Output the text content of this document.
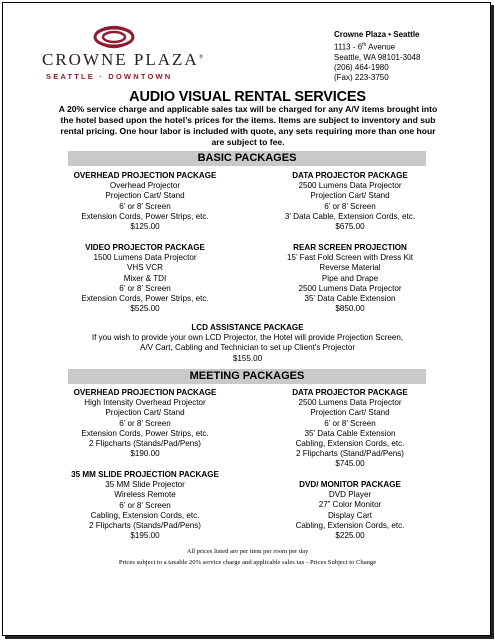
CROWNE PLAZA®
SEATTLE · DOWNTOWN
Crowne Plaza • Seattle
1113 - 6th Avenue
Seattle, WA 98101-3048
(206) 464-1980
(Fax) 223-3750
AUDIO VISUAL RENTAL SERVICES
A 20% service charge and applicable sales tax will be charged for any A/V items brought into the hotel based upon the hotel’s prices for the items. Items are subject to inventory and sub rental pricing. One hour labor is included with quote, any sets requiring more than one hour are subject to fee.
BASIC PACKAGES
OVERHEAD PROJECTION PACKAGE
Overhead Projector
Projection Cart/ Stand
6’ or 8’ Screen
Extension Cords, Power Strips, etc.
$125.00
DATA PROJECTOR PACKAGE
2500 Lumens Data Projector
Projection Cart/ Stand
6’ or 8’ Screen
3’ Data Cable, Extension Cords, etc.
$675.00
VIDEO PROJECTOR PACKAGE
1500 Lumens Data Projector
VHS VCR
Mixer & TDI
6’ or 8’ Screen
Extension Cords, Power Strips, etc.
$525.00
REAR SCREEN PROJECTION
15’ Fast Fold Screen with Dress Kit
Reverse Material
Pipe and Drape
2500 Lumens Data Projector
35’ Data Cable Extension
$850.00
LCD ASSISTANCE PACKAGE
If you wish to provide your own LCD Projector, the Hotel will provide Projection Screen,
A/V Cart, Cabling and Technician to set up Client's Projector
$155.00
MEETING PACKAGES
OVERHEAD PROJECTION PACKAGE
High Intensity Overhead Projector
Projection Cart/ Stand
6’ or 8’ Screen
Extension Cords, Power Strips, etc.
2 Flipcharts (Stands/Pad/Pens)
$190.00
DATA PROJECTOR PACKAGE
2500 Lumens Data Projector
Projection Cart/ Stand
6’ or 8’ Screen
35’ Data Cable Extension
Cabling, Extension Cords, etc.
2 Flipcharts (Stand/Pad/Pens)
$745.00
35 MM SLIDE PROJECTION PACKAGE
35 MM Slide Projector
Wireless Remote
6’ or 8’ Screen
Cabling, Extension Cords, etc.
2 Flipcharts (Stands/Pad/Pens)
$195.00
DVD/ MONITOR PACKAGE
DVD Player
27” Color Monitor
Display Cart
Cabling, Extension Cords, etc.
$225.00
All prices listed are per item per room per day
Prices subject to a taxable 20% service charge and applicable sales tax - Prices Subject to Change
